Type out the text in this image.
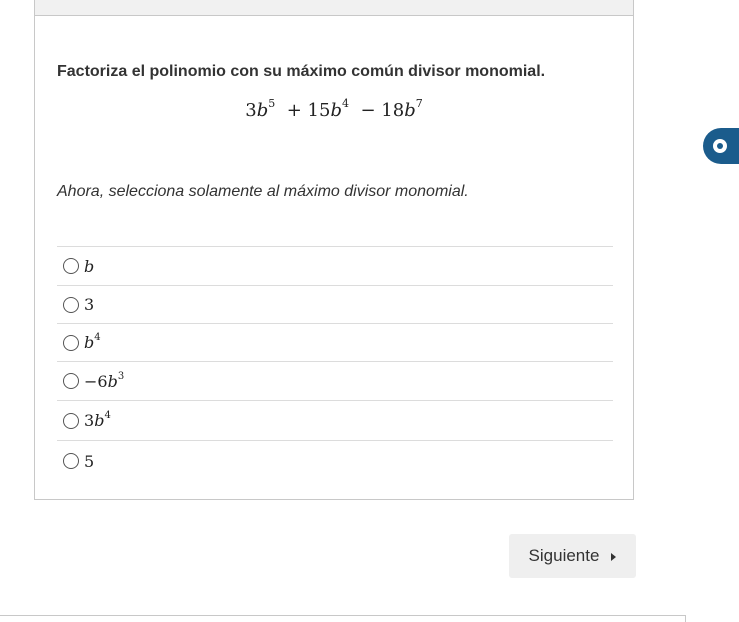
Factoriza el polinomio con su máximo común divisor monomial.
$3b^5 + 15b^4 - 18b^7$
Ahora, selecciona solamente al máximo divisor monomial.
b
3
$b^4$
$-6b^3$
$3b^4$
5
Siguiente
